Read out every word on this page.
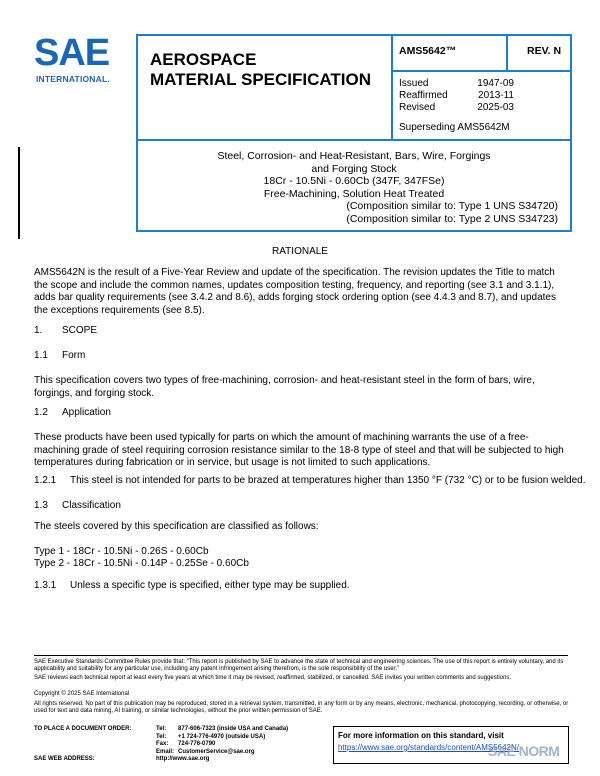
SAE
INTERNATIONAL.
AEROSPACE
MATERIAL SPECIFICATION
AMS5642™	REV. N
Issued	1947-09
Reaffirmed	2013-11
Revised	2025-03
Superseding AMS5642M
Steel, Corrosion- and Heat-Resistant, Bars, Wire, Forgings
and Forging Stock
18Cr - 10.5Ni - 0.60Cb (347F, 347FSe)
Free-Machining, Solution Heat Treated
(Composition similar to: Type 1 UNS S34720)
(Composition similar to: Type 2 UNS S34723)
RATIONALE
AMS5642N is the result of a Five-Year Review and update of the specification. The revision updates the Title to match the scope and include the common names, updates composition testing, frequency, and reporting (see 3.1 and 3.1.1), adds bar quality requirements (see 3.4.2 and 8.6), adds forging stock ordering option (see 4.4.3 and 8.7), and updates the exceptions requirements (see 8.5).
1. SCOPE
1.1 Form
This specification covers two types of free-machining, corrosion- and heat-resistant steel in the form of bars, wire, forgings, and forging stock.
1.2 Application
These products have been used typically for parts on which the amount of machining warrants the use of a free-machining grade of steel requiring corrosion resistance similar to the 18-8 type of steel and that will be subjected to high temperatures during fabrication or in service, but usage is not limited to such applications.
1.2.1 This steel is not intended for parts to be brazed at temperatures higher than 1350 °F (732 °C) or to be fusion welded.
1.3 Classification
The steels covered by this specification are classified as follows:
Type 1 - 18Cr - 10.5Ni - 0.26S - 0.60Cb
Type 2 - 18Cr - 10.5Ni - 0.14P - 0.25Se - 0.60Cb
1.3.1 Unless a specific type is specified, either type may be supplied.
SAE Executive Standards Committee Rules provide that: “This report is published by SAE to advance the state of technical and engineering sciences. The use of this report is entirely voluntary, and its applicability and suitability for any particular use, including any patent infringement arising therefrom, is the sole responsibility of the user.”
SAE reviews each technical report at least every five years at which time it may be revised, reaffirmed, stabilized, or cancelled. SAE invites your written comments and suggestions.
Copyright © 2025 SAE International
All rights reserved. No part of this publication may be reproduced, stored in a retrieval system, transmitted, in any form or by any means, electronic, mechanical, photocopying, recording, or otherwise, or used for text and data mining, AI training, or similar technologies, without the prior written permission of SAE.
TO PLACE A DOCUMENT ORDER:	Tel:	877-606-7323 (inside USA and Canada)
	Tel:	+1 724-776-4970 (outside USA)
	Fax:	724-776-0790
	Email:	CustomerService@sae.org
SAE WEB ADDRESS:	http://www.sae.org	
For more information on this standard, visit
https://www.sae.org/standards/content/AMS5642N/
SAE NORM
